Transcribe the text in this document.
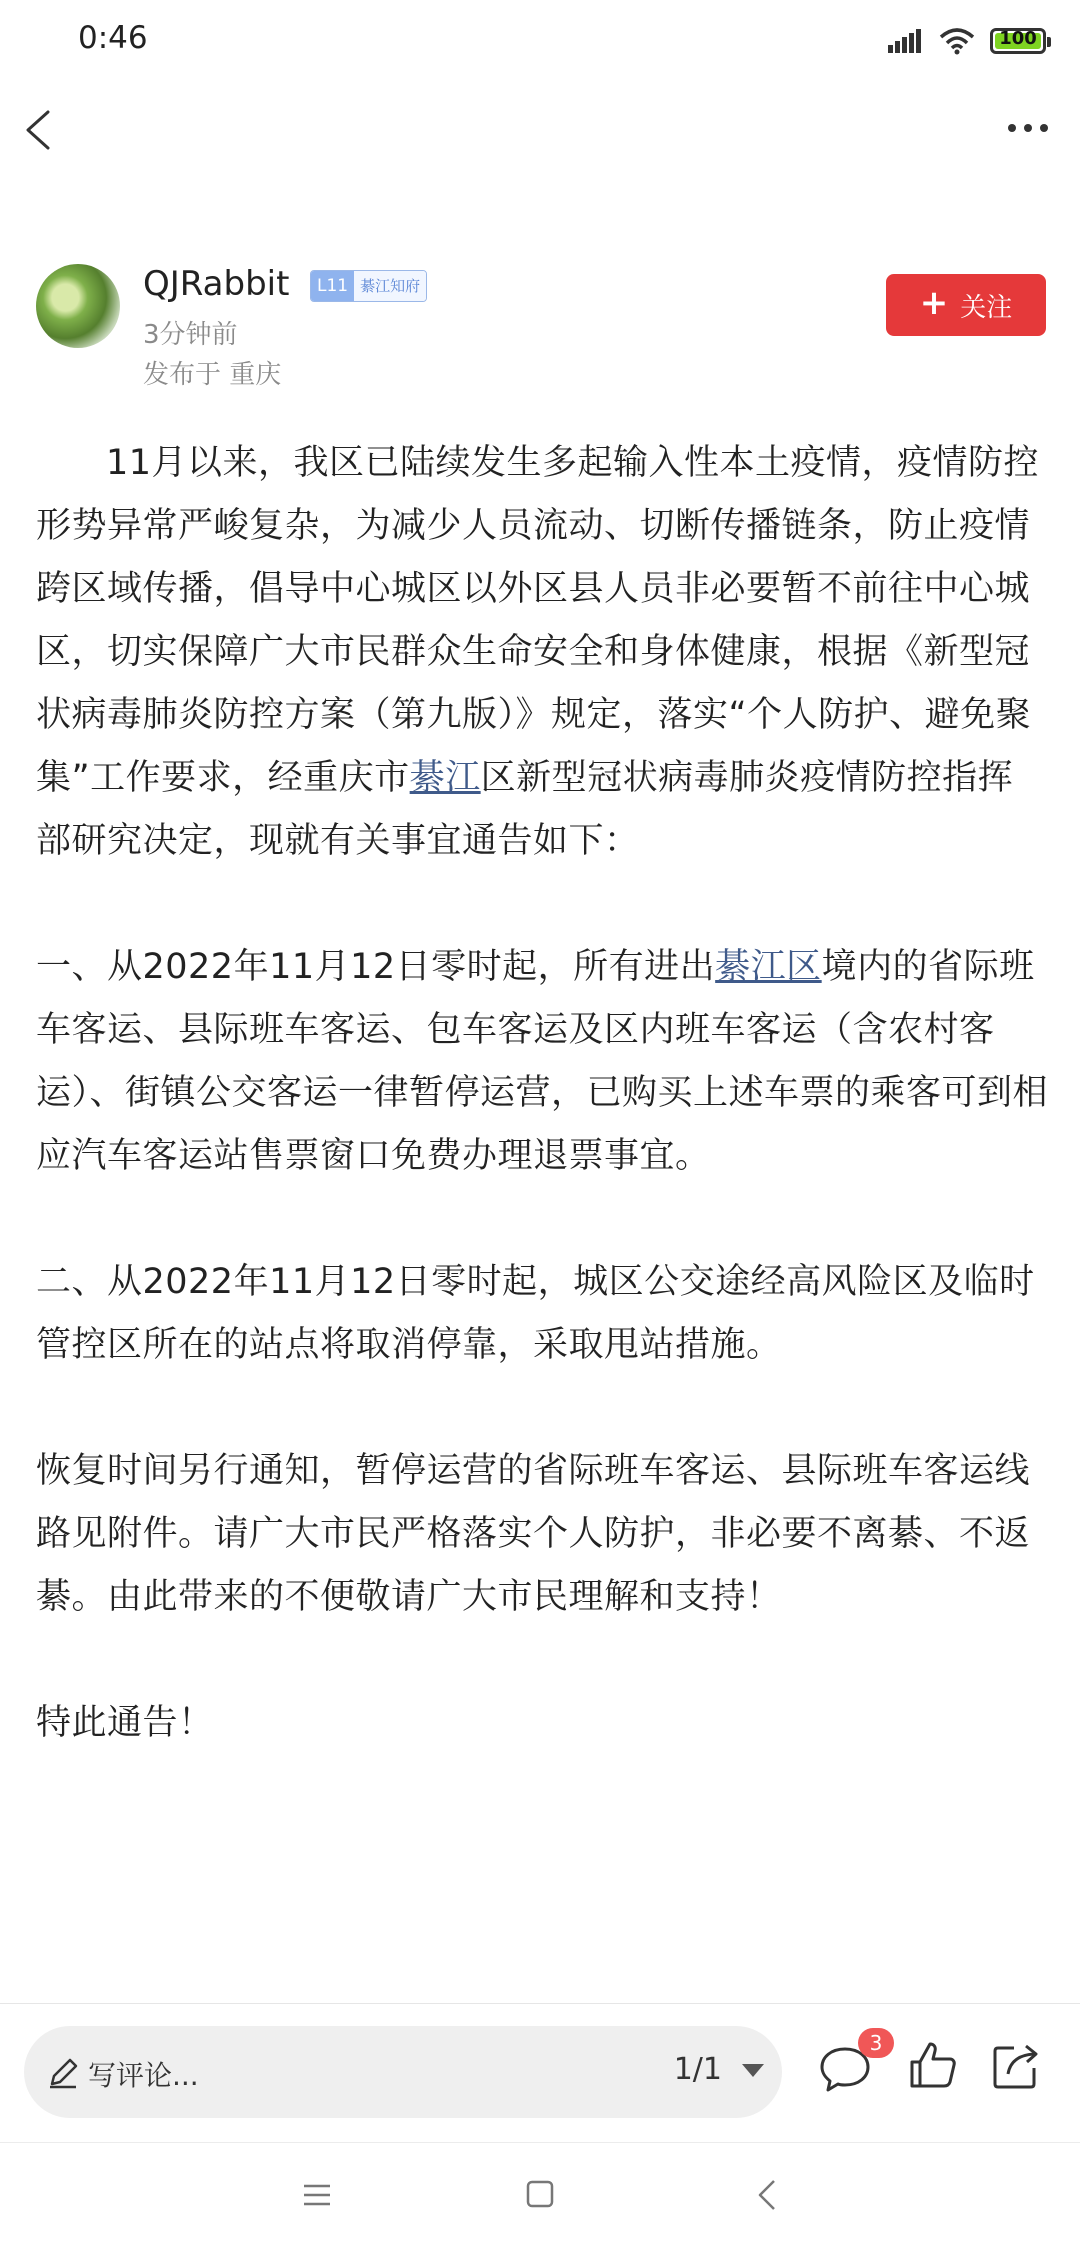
0:46	100
QJRabbit	L11 綦江知府
3分钟前
发布于 重庆
+ 关注

11月以来，我区已陆续发生多起输入性本土疫情，疫情防控形势异常严峻复杂，为减少人员流动、切断传播链条，防止疫情跨区域传播，倡导中心城区以外区县人员非必要暂不前往中心城区，切实保障广大市民群众生命安全和身体健康，根据《新型冠状病毒肺炎防控方案（第九版）》规定，落实“个人防护、避免聚集”工作要求，经重庆市綦江区新型冠状病毒肺炎疫情防控指挥部研究决定，现就有关事宜通告如下：

一、从2022年11月12日零时起，所有进出綦江区境内的省际班车客运、县际班车客运、包车客运及区内班车客运（含农村客运）、街镇公交客运一律暂停运营，已购买上述车票的乘客可到相应汽车客运站售票窗口免费办理退票事宜。

二、从2022年11月12日零时起，城区公交途经高风险区及临时管控区所在的站点将取消停靠，采取甩站措施。

恢复时间另行通知，暂停运营的省际班车客运、县际班车客运线路见附件。请广大市民严格落实个人防护，非必要不离綦、不返綦。由此带来的不便敬请广大市民理解和支持！

特此通告！

写评论...	1/1
3
